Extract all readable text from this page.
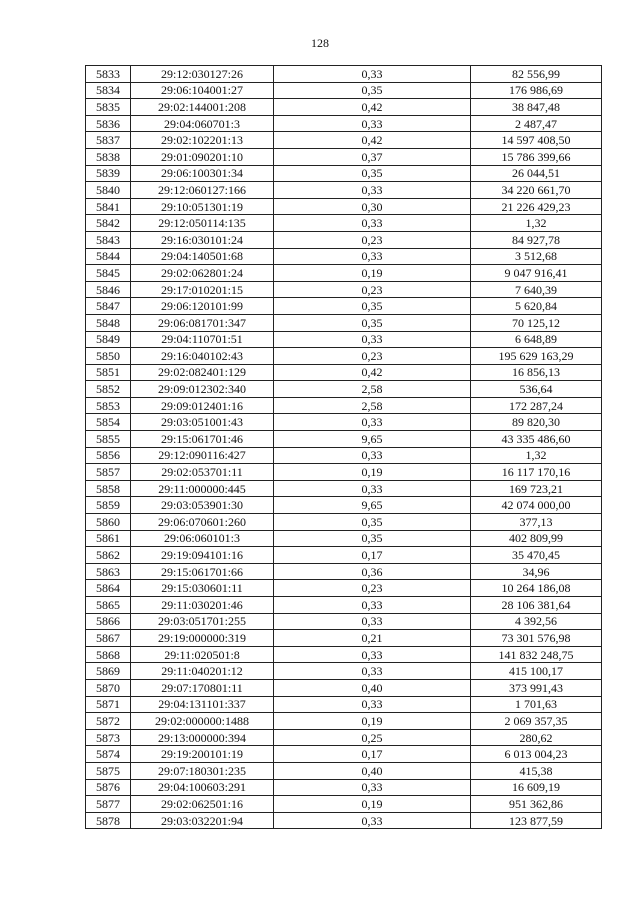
128
5833	29:12:030127:26	0,33	82 556,99
5834	29:06:104001:27	0,35	176 986,69
5835	29:02:144001:208	0,42	38 847,48
5836	29:04:060701:3	0,33	2 487,47
5837	29:02:102201:13	0,42	14 597 408,50
5838	29:01:090201:10	0,37	15 786 399,66
5839	29:06:100301:34	0,35	26 044,51
5840	29:12:060127:166	0,33	34 220 661,70
5841	29:10:051301:19	0,30	21 226 429,23
5842	29:12:050114:135	0,33	1,32
5843	29:16:030101:24	0,23	84 927,78
5844	29:04:140501:68	0,33	3 512,68
5845	29:02:062801:24	0,19	9 047 916,41
5846	29:17:010201:15	0,23	7 640,39
5847	29:06:120101:99	0,35	5 620,84
5848	29:06:081701:347	0,35	70 125,12
5849	29:04:110701:51	0,33	6 648,89
5850	29:16:040102:43	0,23	195 629 163,29
5851	29:02:082401:129	0,42	16 856,13
5852	29:09:012302:340	2,58	536,64
5853	29:09:012401:16	2,58	172 287,24
5854	29:03:051001:43	0,33	89 820,30
5855	29:15:061701:46	9,65	43 335 486,60
5856	29:12:090116:427	0,33	1,32
5857	29:02:053701:11	0,19	16 117 170,16
5858	29:11:000000:445	0,33	169 723,21
5859	29:03:053901:30	9,65	42 074 000,00
5860	29:06:070601:260	0,35	377,13
5861	29:06:060101:3	0,35	402 809,99
5862	29:19:094101:16	0,17	35 470,45
5863	29:15:061701:66	0,36	34,96
5864	29:15:030601:11	0,23	10 264 186,08
5865	29:11:030201:46	0,33	28 106 381,64
5866	29:03:051701:255	0,33	4 392,56
5867	29:19:000000:319	0,21	73 301 576,98
5868	29:11:020501:8	0,33	141 832 248,75
5869	29:11:040201:12	0,33	415 100,17
5870	29:07:170801:11	0,40	373 991,43
5871	29:04:131101:337	0,33	1 701,63
5872	29:02:000000:1488	0,19	2 069 357,35
5873	29:13:000000:394	0,25	280,62
5874	29:19:200101:19	0,17	6 013 004,23
5875	29:07:180301:235	0,40	415,38
5876	29:04:100603:291	0,33	16 609,19
5877	29:02:062501:16	0,19	951 362,86
5878	29:03:032201:94	0,33	123 877,59
